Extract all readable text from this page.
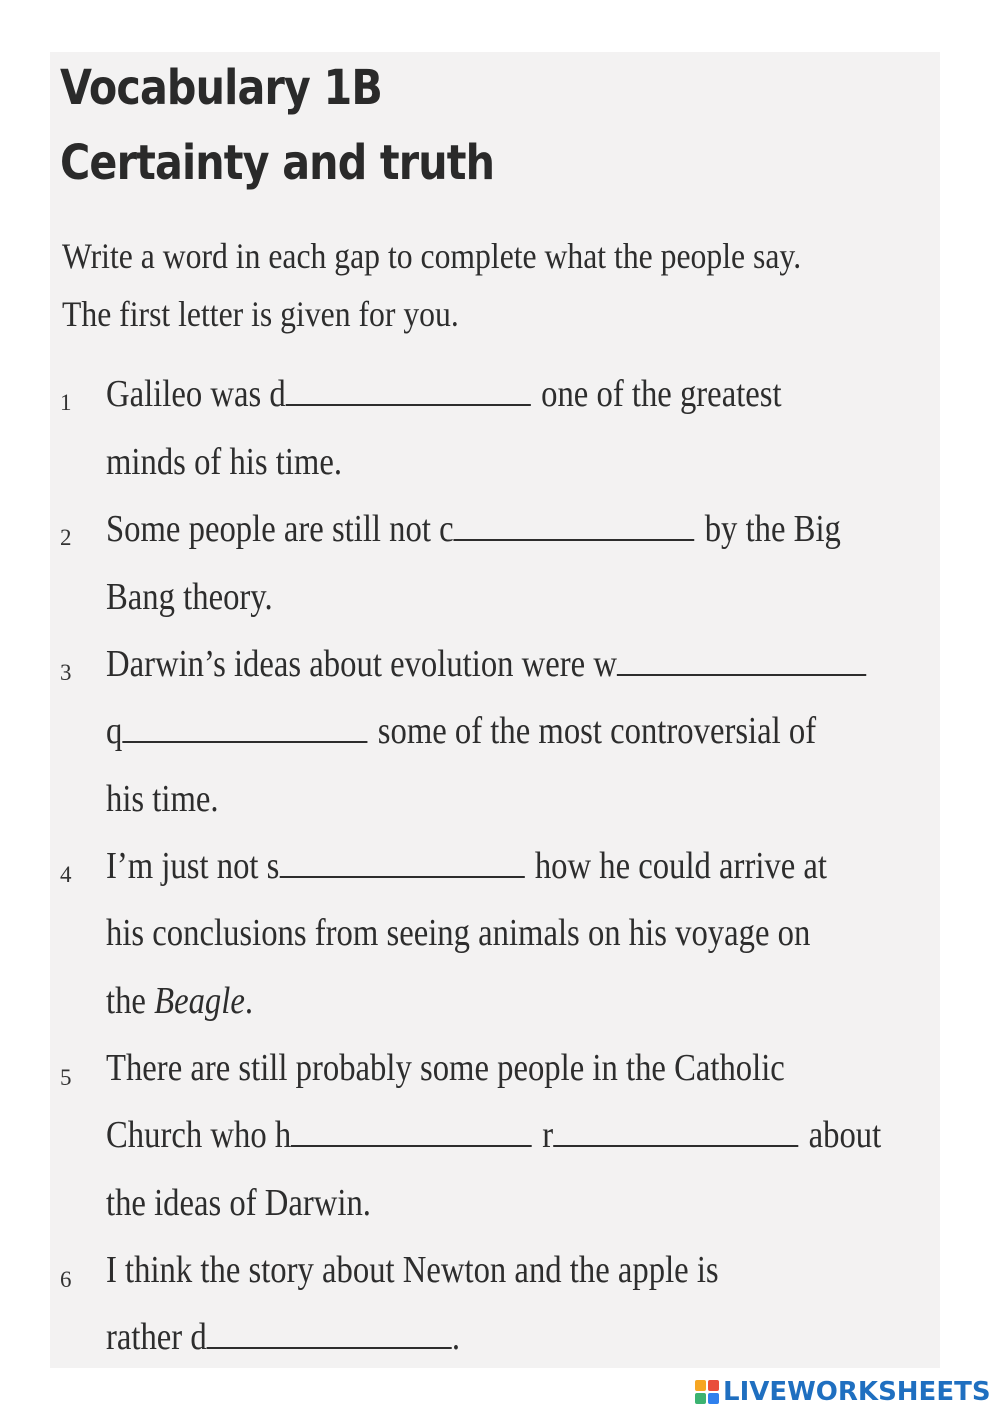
Vocabulary 1B
Certainty and truth
Write a word in each gap to complete what the people say.
The first letter is given for you.
1 Galileo was d	one of the greatest
minds of his time.
2 Some people are still not c	by the Big
Bang theory.
3 Darwin’s ideas about evolution were w
q	some of the most controversial of
his time.
4 I’m just not s	how he could arrive at
his conclusions from seeing animals on his voyage on
the Beagle.
5 There are still probably some people in the Catholic
Church who h	r	about
the ideas of Darwin.
6 I think the story about Newton and the apple is
rather d	.
LIVEWORKSHEETS
